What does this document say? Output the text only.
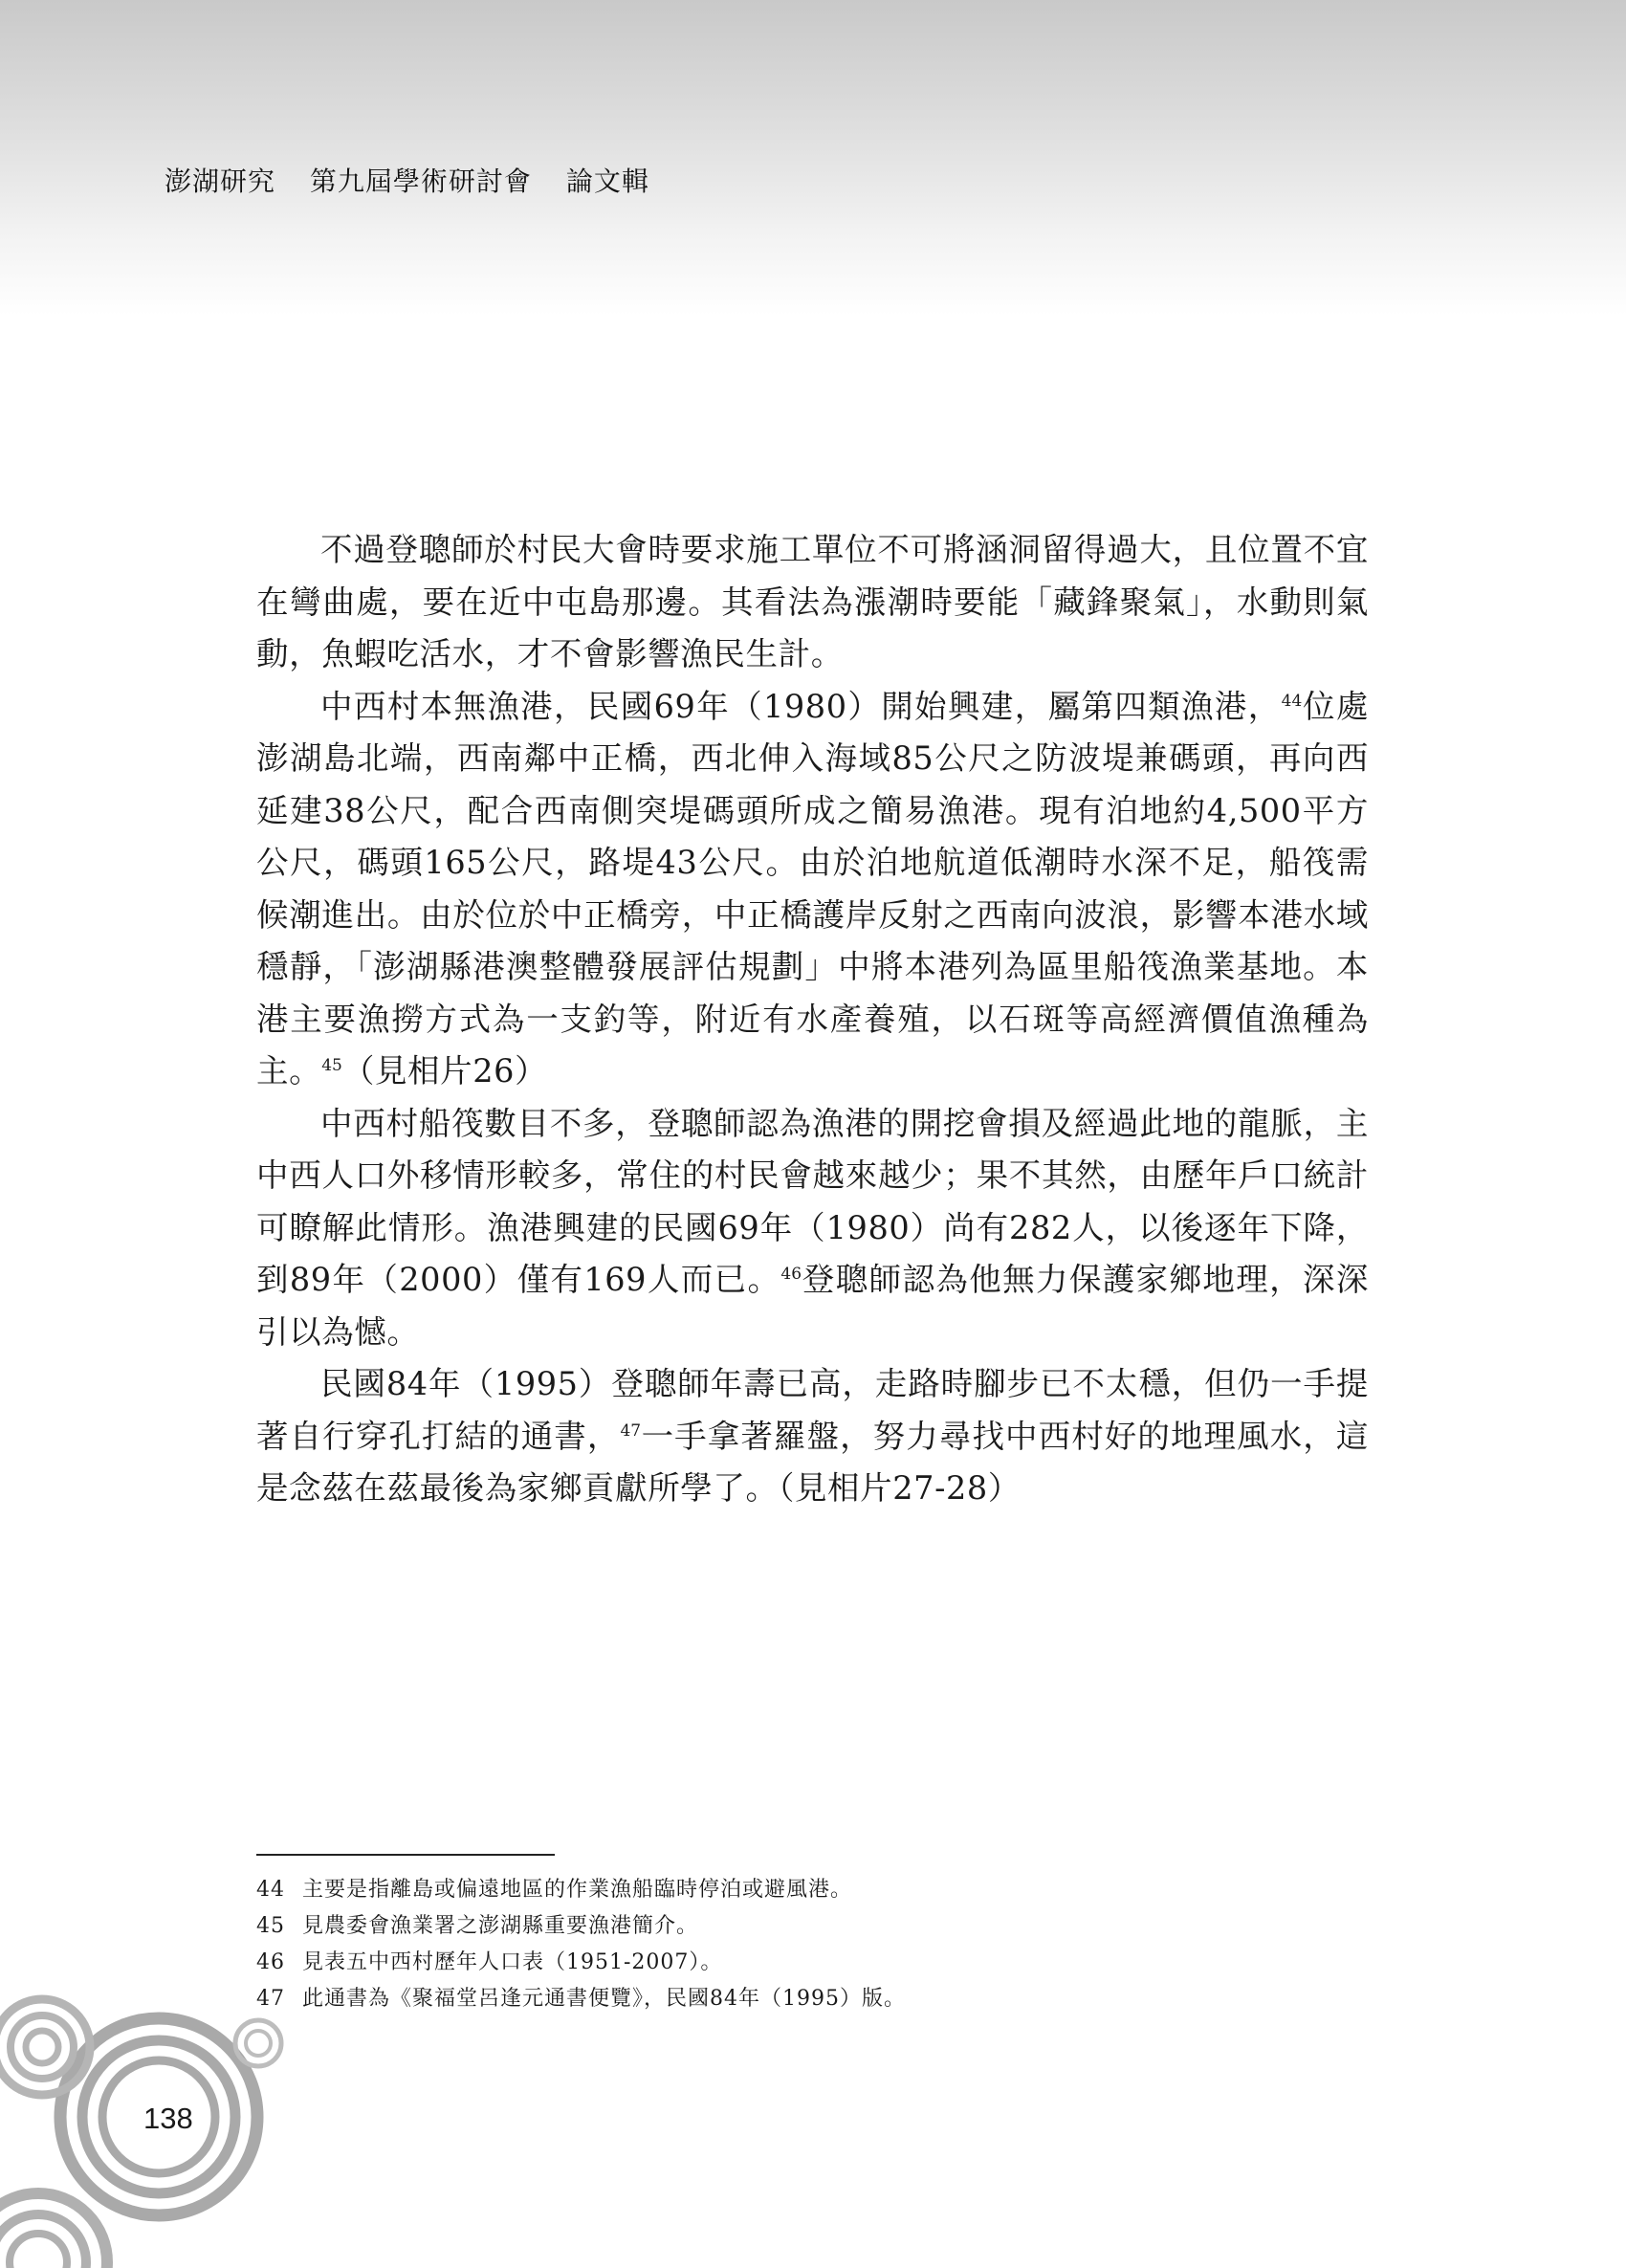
澎湖研究 第九屆學術研討會 論文輯

不過登聰師於村民大會時要求施工單位不可將涵洞留得過大，且位置不宜在彎曲處，要在近中屯島那邊。其看法為漲潮時要能「藏鋒聚氣」，水動則氣動，魚蝦吃活水，才不會影響漁民生計。

中西村本無漁港，民國69年（1980）開始興建，屬第四類漁港，$^{44}$位處澎湖島北端，西南鄰中正橋，西北伸入海域85公尺之防波堤兼碼頭，再向西延建38公尺，配合西南側突堤碼頭所成之簡易漁港。現有泊地約4,500平方公尺，碼頭165公尺，路堤43公尺。由於泊地航道低潮時水深不足，船筏需候潮進出。由於位於中正橋旁，中正橋護岸反射之西南向波浪，影響本港水域穩靜，「澎湖縣港澳整體發展評估規劃」中將本港列為區里船筏漁業基地。本港主要漁撈方式為一支釣等，附近有水產養殖，以石斑等高經濟價值漁種為主。$^{45}$（見相片26）

中西村船筏數目不多，登聰師認為漁港的開挖會損及經過此地的龍脈，主中西人口外移情形較多，常住的村民會越來越少；果不其然，由歷年戶口統計可瞭解此情形。漁港興建的民國69年（1980）尚有282人，以後逐年下降，到89年（2000）僅有169人而已。$^{46}$登聰師認為他無力保護家鄉地理，深深引以為憾。

民國84年（1995）登聰師年壽已高，走路時腳步已不太穩，但仍一手提著自行穿孔打結的通書，$^{47}$一手拿著羅盤，努力尋找中西村好的地理風水，這是念茲在茲最後為家鄉貢獻所學了。（見相片27-28）

44 主要是指離島或偏遠地區的作業漁船臨時停泊或避風港。
45 見農委會漁業署之澎湖縣重要漁港簡介。
46 見表五中西村歷年人口表（1951-2007）。
47 此通書為《聚福堂呂逢元通書便覽》，民國84年（1995）版。
138
